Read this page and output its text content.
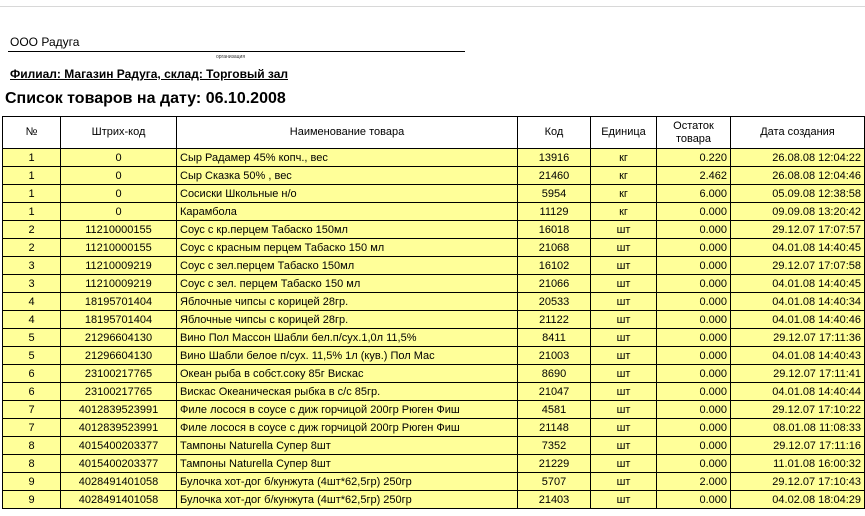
ООО Радуга
организация
Филиал: Магазин Радуга, склад: Торговый зал
Список товаров на дату: 06.10.2008
№	Штрих-код	Наименование товара	Код	Единица	Остаток товара	Дата создания
1	0	Сыр Радамер 45% копч., вес	13916	кг	0.220	26.08.08 12:04:22
1	0	Сыр Сказка 50% , вес	21460	кг	2.462	26.08.08 12:04:46
1	0	Сосиски Школьные н/о	5954	кг	6.000	05.09.08 12:38:58
1	0	Карамбола	11129	кг	0.000	09.09.08 13:20:42
2	11210000155	Соус с кр.перцем Табаско 150мл	16018	шт	0.000	29.12.07 17:07:57
2	11210000155	Соус с красным перцем Табаско 150 мл	21068	шт	0.000	04.01.08 14:40:45
3	11210009219	Соус с зел.перцем Табаско 150мл	16102	шт	0.000	29.12.07 17:07:58
3	11210009219	Соус с зел. перцем Табаско 150 мл	21066	шт	0.000	04.01.08 14:40:45
4	18195701404	Яблочные чипсы с корицей 28гр.	20533	шт	0.000	04.01.08 14:40:34
4	18195701404	Яблочные чипсы с корицей 28гр.	21122	шт	0.000	04.01.08 14:40:46
5	21296604130	Вино Пол Массон Шабли бел.п/сух.1,0л 11,5%	8411	шт	0.000	29.12.07 17:11:36
5	21296604130	Вино Шабли белое п/сух. 11,5% 1л (кув.) Пол Мас	21003	шт	0.000	04.01.08 14:40:43
6	23100217765	Океан рыба в собст.соку 85г Вискас	8690	шт	0.000	29.12.07 17:11:41
6	23100217765	Вискас Океаническая рыбка в с/с 85гр.	21047	шт	0.000	04.01.08 14:40:44
7	4012839523991	Филе лосося в соусе с диж горчицой 200гр Рюген Фиш	4581	шт	0.000	29.12.07 17:10:22
7	4012839523991	Филе лосося в соусе с диж горчицой 200гр Рюген Фиш	21148	шт	0.000	08.01.08 11:08:33
8	4015400203377	Тампоны Naturella Супер 8шт	7352	шт	0.000	29.12.07 17:11:16
8	4015400203377	Тампоны Naturella Супер 8шт	21229	шт	0.000	11.01.08 16:00:32
9	4028491401058	Булочка хот-дог б/кунжута (4шт*62,5гр) 250гр	5707	шт	2.000	29.12.07 17:10:43
9	4028491401058	Булочка хот-дог б/кунжута (4шт*62,5гр) 250гр	21403	шт	0.000	04.02.08 18:04:29
